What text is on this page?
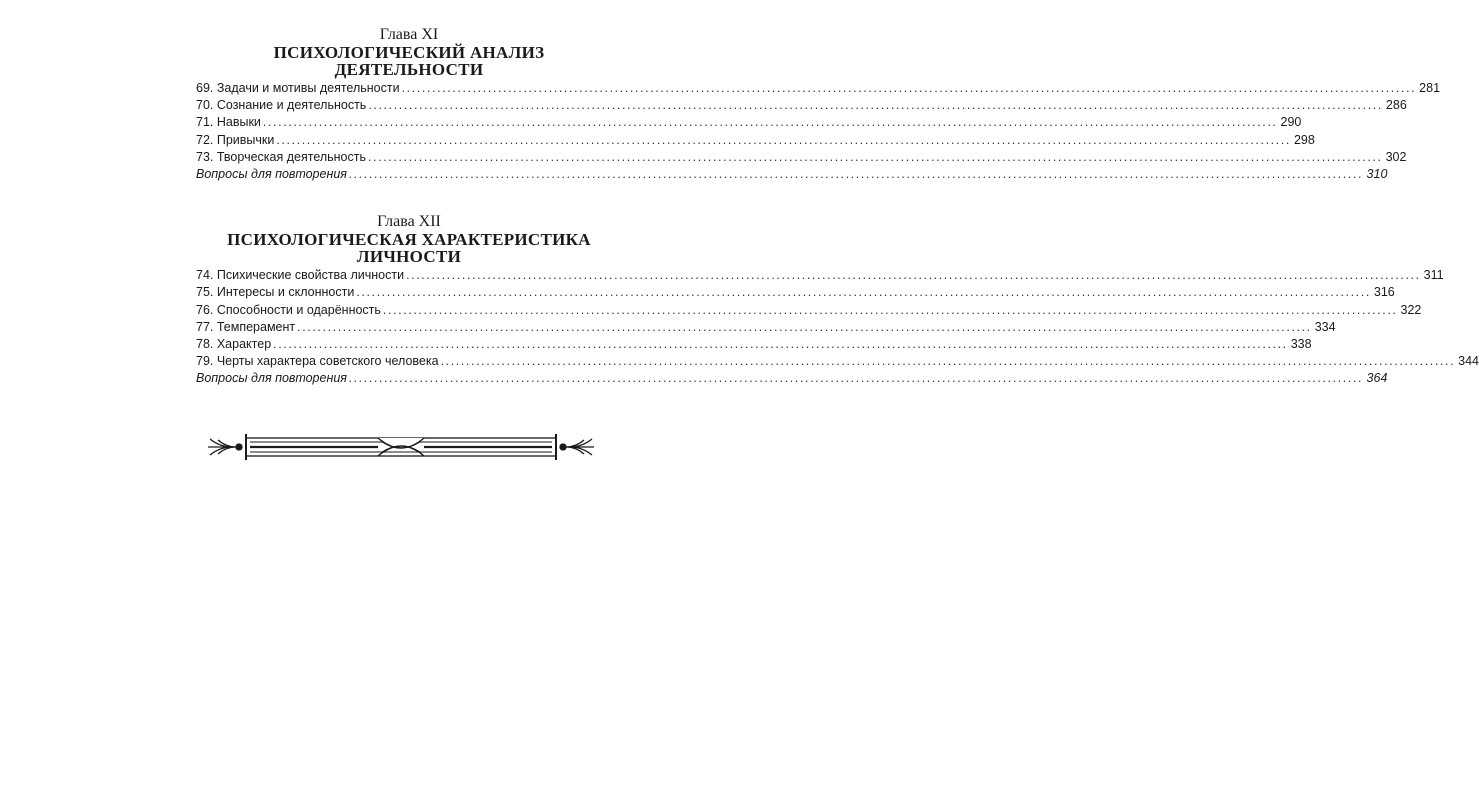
Глава XI
ПСИХОЛОГИЧЕСКИЙ АНАЛИЗ
ДЕЯТЕЛЬНОСТИ
69. Задачи и мотивы деятельности ........................................................................................................................................................................................................ 281
70. Сознание и деятельность ........................................................................................................................................................................................................ 286
71. Навыки ........................................................................................................................................................................................................ 290
72. Привычки ........................................................................................................................................................................................................ 298
73. Творческая деятельность ........................................................................................................................................................................................................ 302
Вопросы для повторения ........................................................................................................................................................................................................ 310
Глава XII
ПСИХОЛОГИЧЕСКАЯ ХАРАКТЕРИСТИКА
ЛИЧНОСТИ
74. Психические свойства личности ........................................................................................................................................................................................................ 311
75. Интересы и склонности ........................................................................................................................................................................................................ 316
76. Способности и одарённость ........................................................................................................................................................................................................ 322
77. Темперамент ........................................................................................................................................................................................................ 334
78. Характер ........................................................................................................................................................................................................ 338
79. Черты характера советского человека ........................................................................................................................................................................................................ 344
Вопросы для повторения ........................................................................................................................................................................................................ 364
